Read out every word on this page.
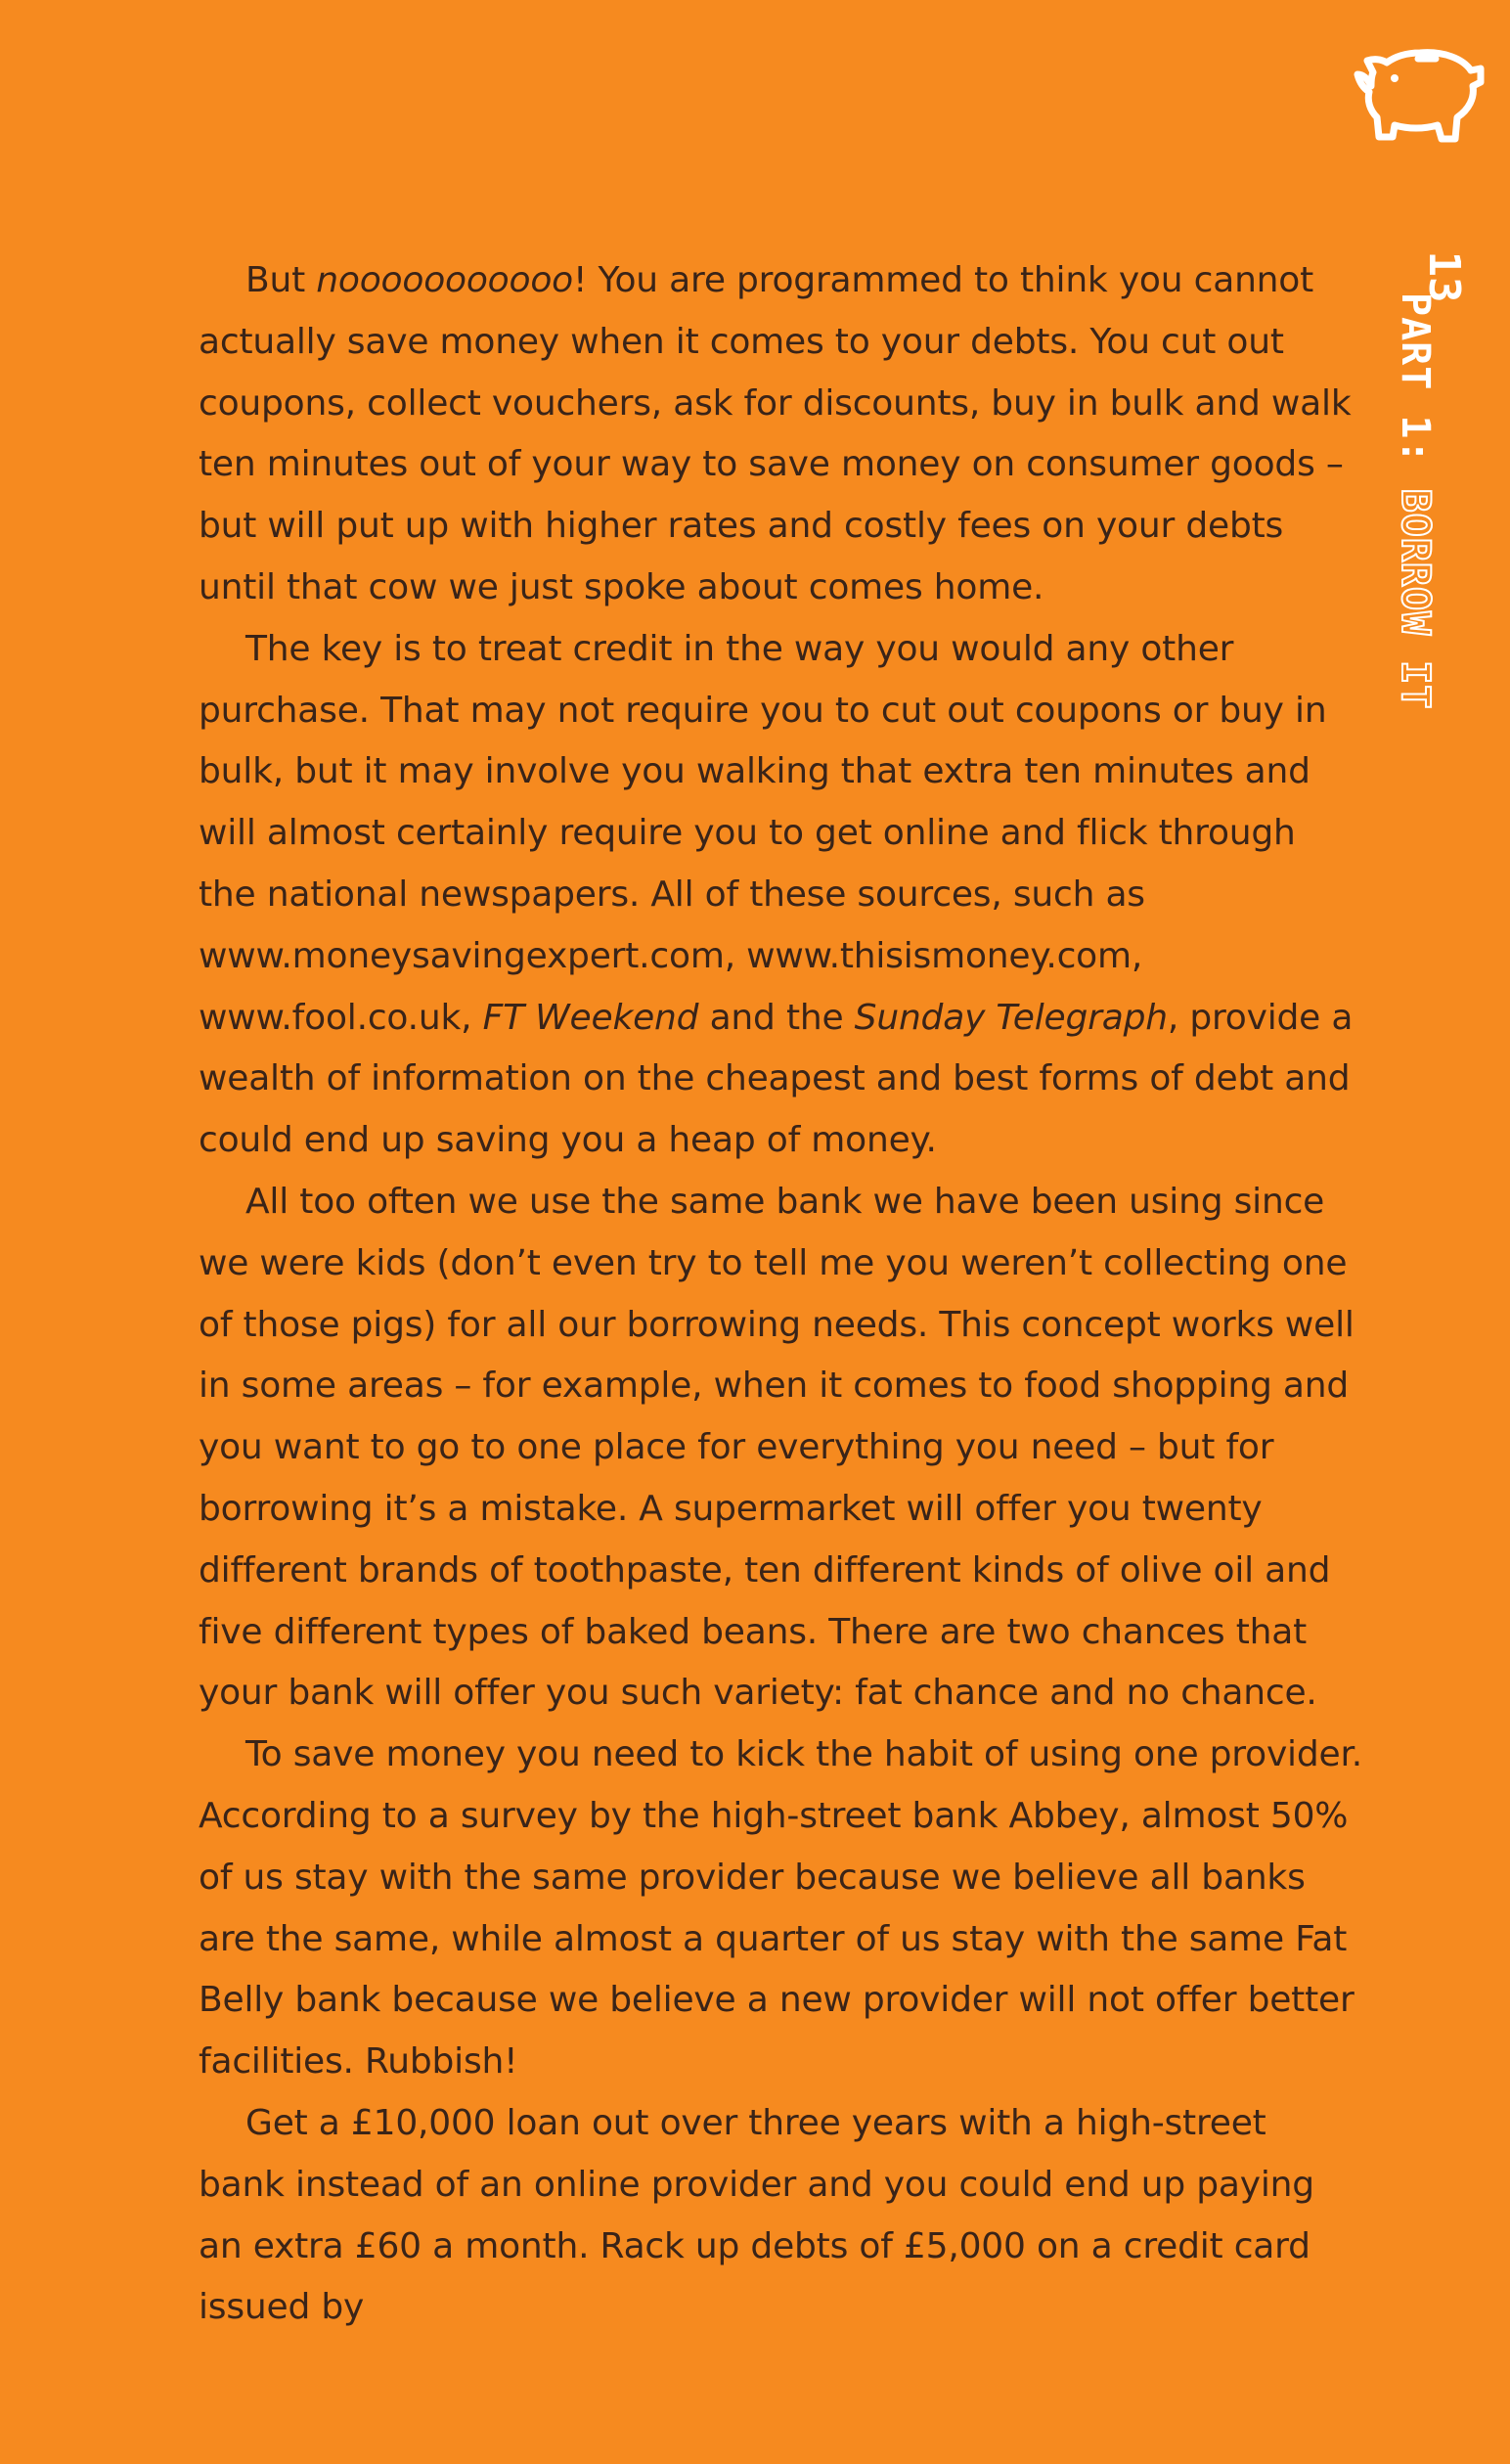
13
PART 1: BORROW IT

But nooooooooooo! You are programmed to think you cannot actually save money when it comes to your debts. You cut out coupons, collect vouchers, ask for discounts, buy in bulk and walk ten minutes out of your way to save money on consumer goods – but will put up with higher rates and costly fees on your debts until that cow we just spoke about comes home.

The key is to treat credit in the way you would any other purchase. That may not require you to cut out coupons or buy in bulk, but it may involve you walking that extra ten minutes and will almost certainly require you to get online and flick through the national newspapers. All of these sources, such as www.moneysavingexpert.com, www.thisismoney.com, www.fool.co.uk, FT Weekend and the Sunday Telegraph, provide a wealth of information on the cheapest and best forms of debt and could end up saving you a heap of money.

All too often we use the same bank we have been using since we were kids (don’t even try to tell me you weren’t collecting one of those pigs) for all our borrowing needs. This concept works well in some areas – for example, when it comes to food shopping and you want to go to one place for everything you need – but for borrowing it’s a mistake. A supermarket will offer you twenty different brands of toothpaste, ten different kinds of olive oil and five different types of baked beans. There are two chances that your bank will offer you such variety: fat chance and no chance.

To save money you need to kick the habit of using one provider. According to a survey by the high-street bank Abbey, almost 50% of us stay with the same provider because we believe all banks are the same, while almost a quarter of us stay with the same Fat Belly bank because we believe a new provider will not offer better facilities. Rubbish!

Get a £10,000 loan out over three years with a high-street bank instead of an online provider and you could end up paying an extra £60 a month. Rack up debts of £5,000 on a credit card issued by
